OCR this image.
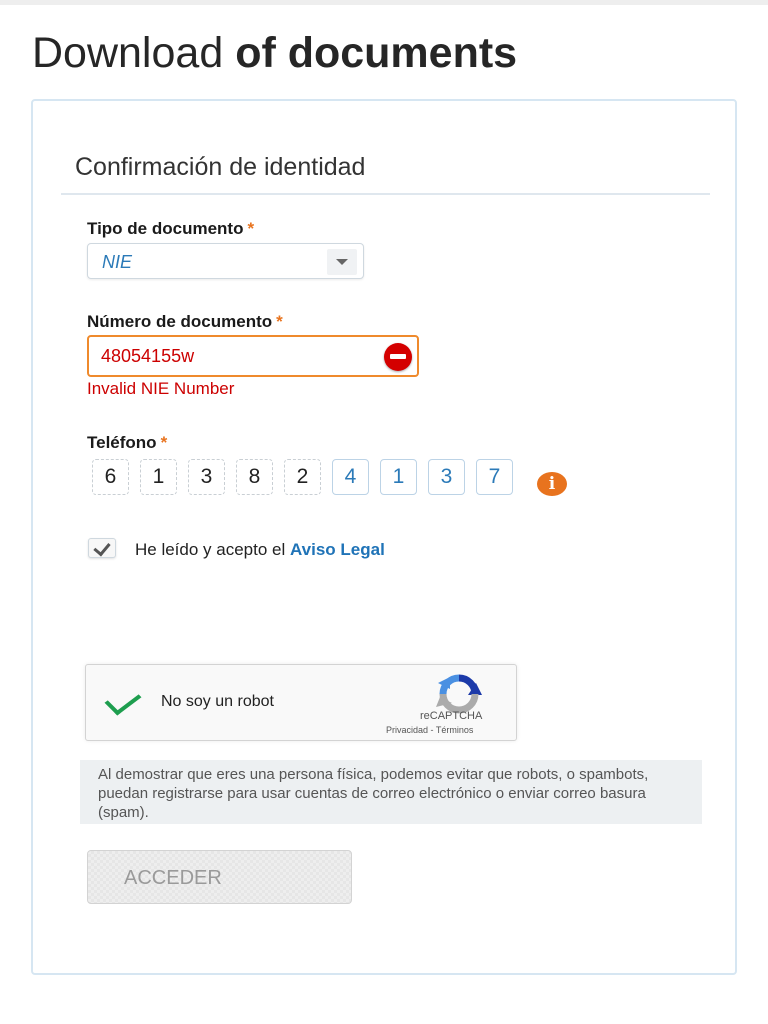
Download of documents
Confirmación de identidad
Tipo de documento *
NIE
Número de documento *
48054155w
Invalid NIE Number
Teléfono *
6	1	3	8	2	4	1	3	7	i
He leído y acepto el Aviso Legal
No soy un robot
reCAPTCHA
Privacidad - Términos
Al demostrar que eres una persona física, podemos evitar que robots, o spambots, puedan registrarse para usar cuentas de correo electrónico o enviar correo basura (spam).
ACCEDER
